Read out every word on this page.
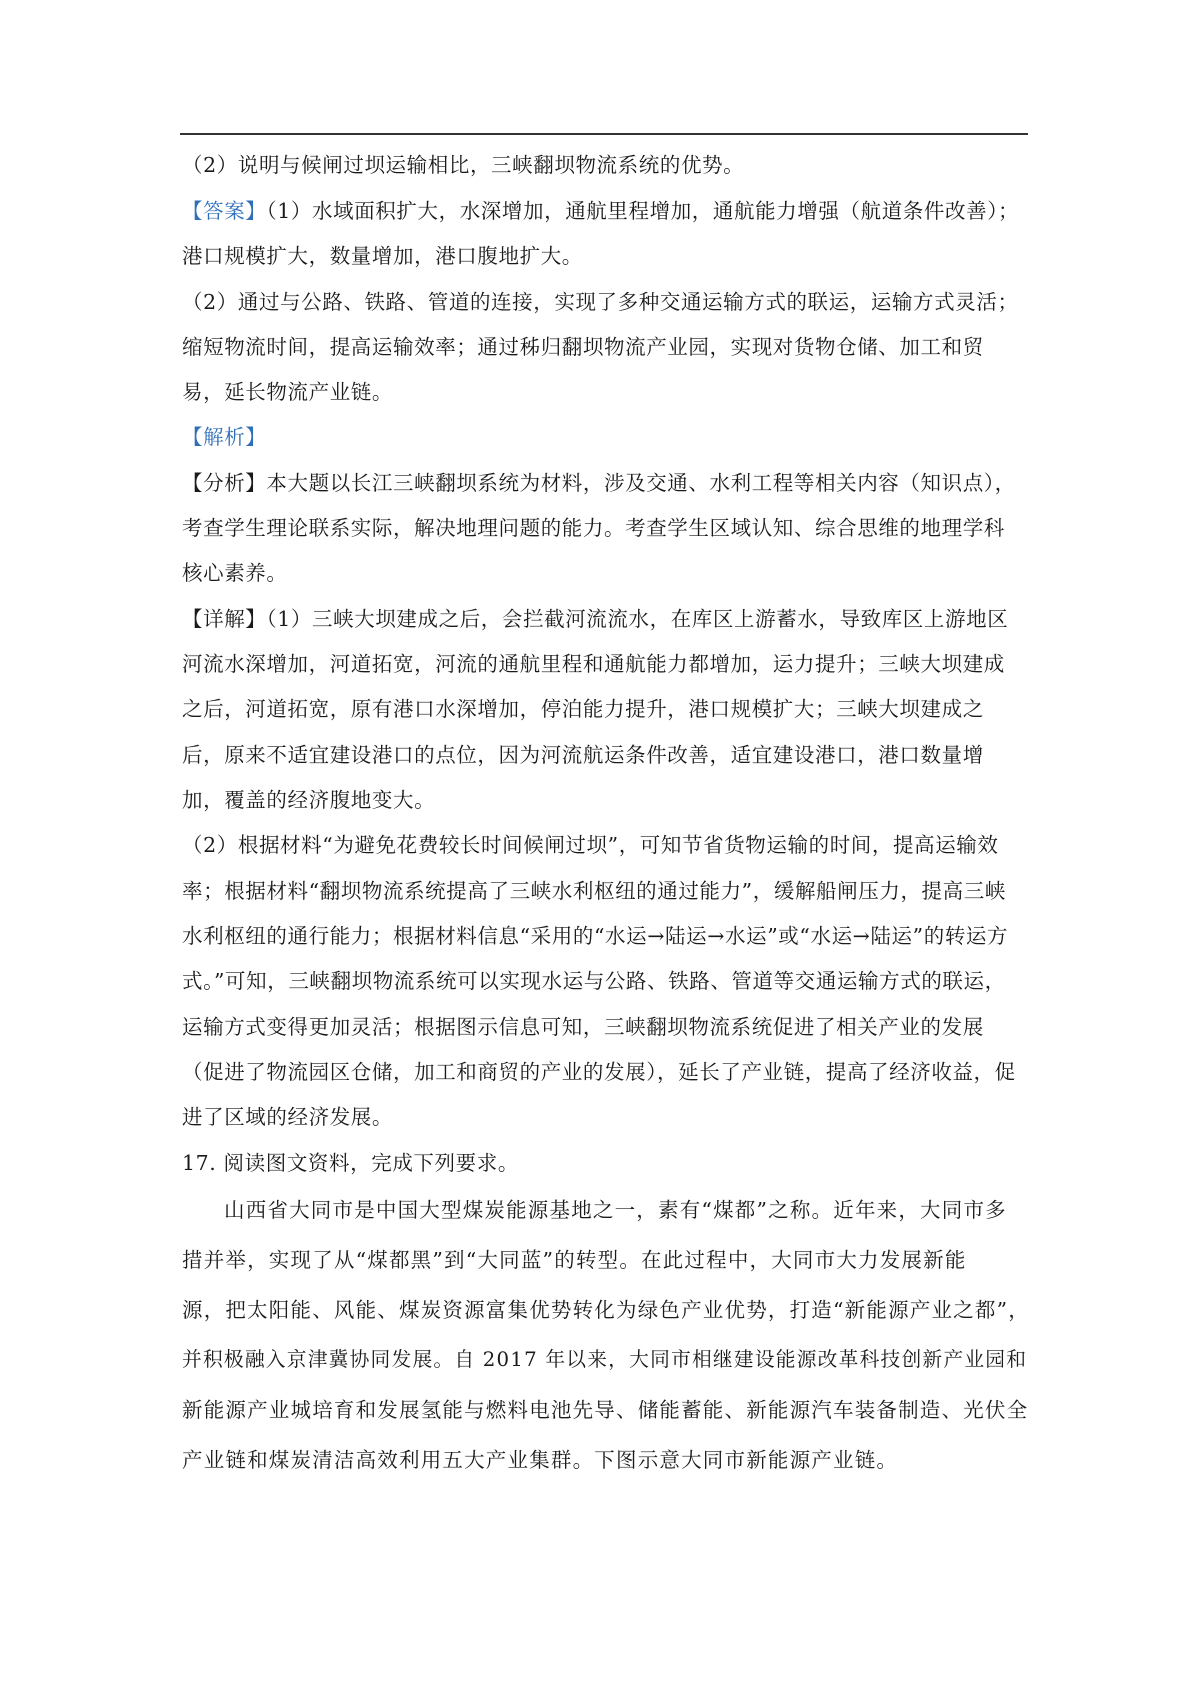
（2）说明与候闸过坝运输相比，三峡翻坝物流系统的优势。
【答案】（1）水域面积扩大，水深增加，通航里程增加，通航能力增强（航道条件改善）；
港口规模扩大，数量增加，港口腹地扩大。
（2）通过与公路、铁路、管道的连接，实现了多种交通运输方式的联运，运输方式灵活；
缩短物流时间，提高运输效率；通过秭归翻坝物流产业园，实现对货物仓储、加工和贸
易，延长物流产业链。
【解析】
【分析】本大题以长江三峡翻坝系统为材料，涉及交通、水利工程等相关内容（知识点），
考查学生理论联系实际，解决地理问题的能力。考查学生区域认知、综合思维的地理学科
核心素养。
【详解】（1）三峡大坝建成之后，会拦截河流流水，在库区上游蓄水，导致库区上游地区
河流水深增加，河道拓宽，河流的通航里程和通航能力都增加，运力提升；三峡大坝建成
之后，河道拓宽，原有港口水深增加，停泊能力提升，港口规模扩大；三峡大坝建成之
后，原来不适宜建设港口的点位，因为河流航运条件改善，适宜建设港口，港口数量增
加，覆盖的经济腹地变大。
（2）根据材料“为避免花费较长时间候闸过坝”，可知节省货物运输的时间，提高运输效
率；根据材料“翻坝物流系统提高了三峡水利枢纽的通过能力”，缓解船闸压力，提高三峡
水利枢纽的通行能力；根据材料信息“采用的“水运→陆运→水运”或“水运→陆运”的转运方
式。”可知，三峡翻坝物流系统可以实现水运与公路、铁路、管道等交通运输方式的联运，
运输方式变得更加灵活；根据图示信息可知，三峡翻坝物流系统促进了相关产业的发展
（促进了物流园区仓储，加工和商贸的产业的发展），延长了产业链，提高了经济收益，促
进了区域的经济发展。
17. 阅读图文资料，完成下列要求。
山西省大同市是中国大型煤炭能源基地之一，素有“煤都”之称。近年来，大同市多
措并举，实现了从“煤都黑”到“大同蓝”的转型。在此过程中，大同市大力发展新能
源，把太阳能、风能、煤炭资源富集优势转化为绿色产业优势，打造“新能源产业之都”，
并积极融入京津冀协同发展。自 2017 年以来，大同市相继建设能源改革科技创新产业园和
新能源产业城培育和发展氢能与燃料电池先导、储能蓄能、新能源汽车装备制造、光伏全
产业链和煤炭清洁高效利用五大产业集群。下图示意大同市新能源产业链。
